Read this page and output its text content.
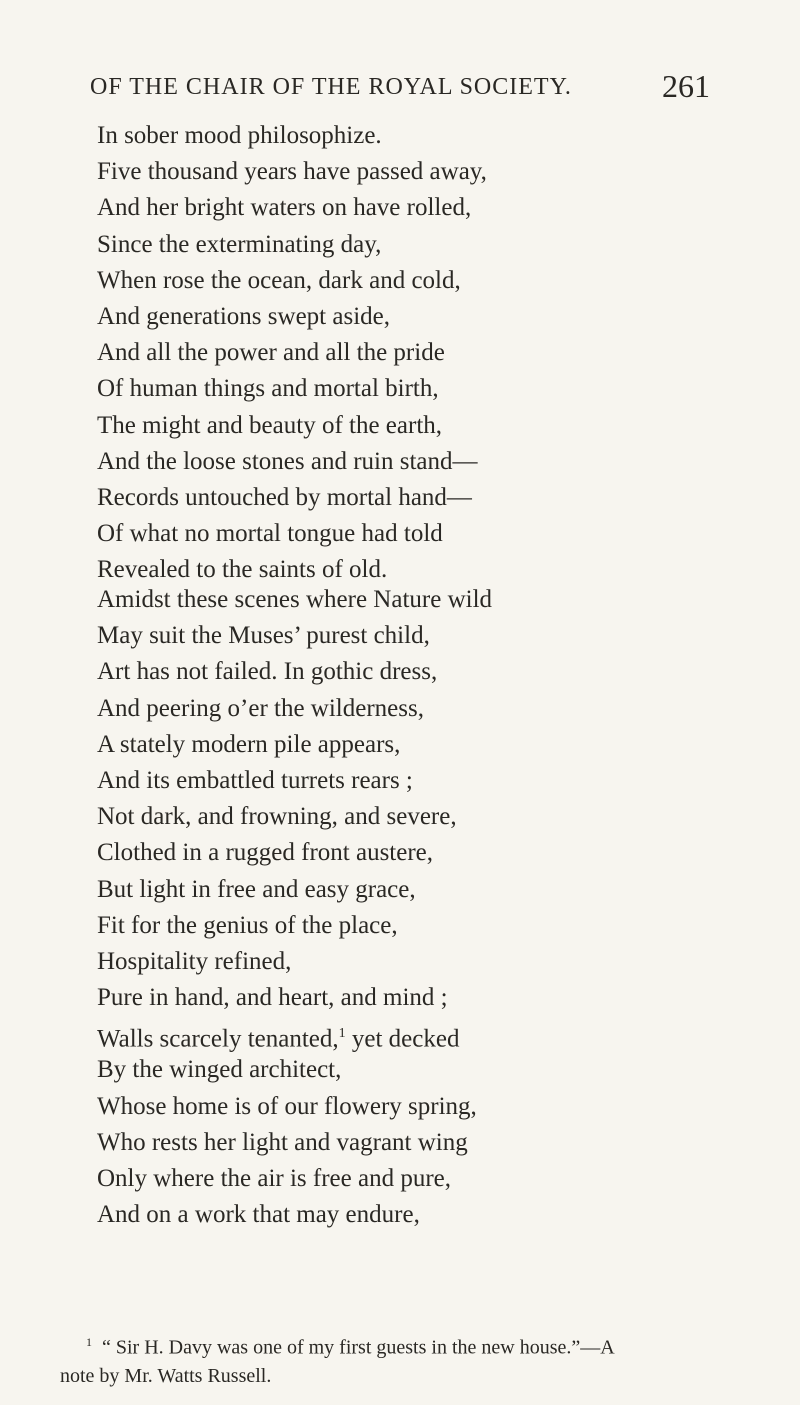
OF THE CHAIR OF THE ROYAL SOCIETY.	261
In sober mood philosophize.
Five thousand years have passed away,
And her bright waters on have rolled,
Since the exterminating day,
When rose the ocean, dark and cold,
And generations swept aside,
And all the power and all the pride
Of human things and mortal birth,
The might and beauty of the earth,
And the loose stones and ruin stand—
Records untouched by mortal hand—
Of what no mortal tongue had told
Revealed to the saints of old.
Amidst these scenes where Nature wild
May suit the Muses’ purest child,
Art has not failed. In gothic dress,
And peering o’er the wilderness,
A stately modern pile appears,
And its embattled turrets rears ;
Not dark, and frowning, and severe,
Clothed in a rugged front austere,
But light in free and easy grace,
Fit for the genius of the place,
Hospitality refined,
Pure in hand, and heart, and mind ;
Walls scarcely tenanted,$^1$ yet decked
By the winged architect,
Whose home is of our flowery spring,
Who rests her light and vagrant wing
Only where the air is free and pure,
And on a work that may endure,
$^1$ “ Sir H. Davy was one of my first guests in the new house.”—A
note by Mr. Watts Russell.
